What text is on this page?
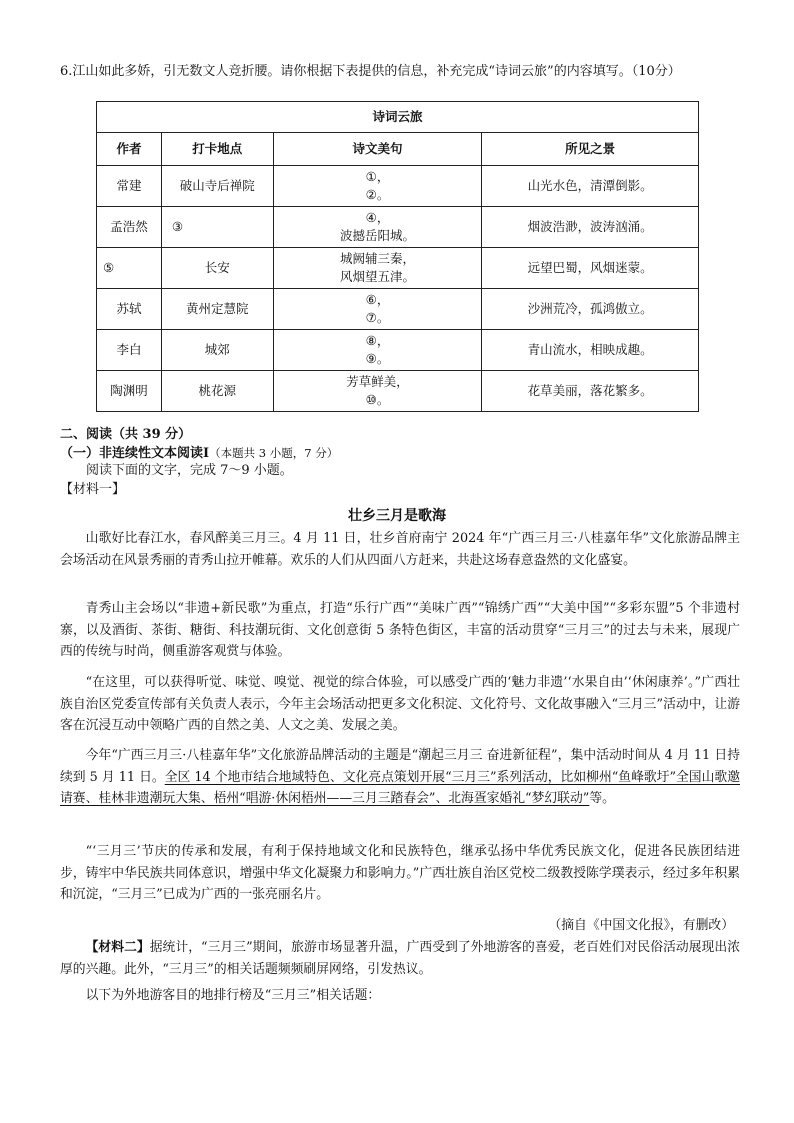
6.江山如此多娇，引无数文人竞折腰。请你根据下表提供的信息，补充完成“诗词云旅”的内容填写。（10分）
诗词云旅			
作者	打卡地点	诗文美句	所见之景
常建	破山寺后禅院	①，
②。	山光水色，清潭倒影。
孟浩然	③	④，
波撼岳阳城。	烟波浩渺，波涛汹涌。
⑤	长安	城阙辅三秦，
风烟望五津。	远望巴蜀，风烟迷蒙。
苏轼	黄州定慧院	⑥，
⑦。	沙洲荒冷，孤鸿傲立。
李白	城郊	⑧，
⑨。	青山流水，相映成趣。
陶渊明	桃花源	芳草鲜美，
⑩。	花草美丽，落花繁多。
二、阅读（共 39 分）
（一）非连续性文本阅读Ⅰ（本题共 3 小题，7 分）
阅读下面的文字，完成 7～9 小题。
【材料一】
壮乡三月是歌海
山歌好比春江水，春风醉美三月三。4 月 11 日，壮乡首府南宁 2024 年“广西三月三·八桂嘉年华”文化旅游品牌主会场活动在风景秀丽的青秀山拉开帷幕。欢乐的人们从四面八方赶来，共赴这场春意盎然的文化盛宴。
青秀山主会场以“非遗+新民歌”为重点，打造“乐行广西”“美味广西”“锦绣广西”“大美中国”“多彩东盟”5 个非遗村寨，以及酒街、茶街、糖街、科技潮玩街、文化创意街 5 条特色街区，丰富的活动贯穿“三月三”的过去与未来，展现广西的传统与时尚，侧重游客观赏与体验。
“在这里，可以获得听觉、味觉、嗅觉、视觉的综合体验，可以感受广西的‘魅力非遗’‘水果自由’‘休闲康养’。”广西壮族自治区党委宣传部有关负责人表示，今年主会场活动把更多文化积淀、文化符号、文化故事融入“三月三”活动中，让游客在沉浸互动中领略广西的自然之美、人文之美、发展之美。
今年“广西三月三·八桂嘉年华”文化旅游品牌活动的主题是“潮起三月三 奋进新征程”，集中活动时间从 4 月 11 日持续到 5 月 11 日。全区 14 个地市结合地域特色、文化亮点策划开展“三月三”系列活动，比如柳州“鱼峰歌圩”全国山歌邀请赛、桂林非遗潮玩大集、梧州“唱游·休闲梧州——三月三踏春会”、北海疍家婚礼“梦幻联动”等。
“‘三月三’节庆的传承和发展，有利于保持地域文化和民族特色，继承弘扬中华优秀民族文化，促进各民族团结进步，铸牢中华民族共同体意识，增强中华文化凝聚力和影响力。”广西壮族自治区党校二级教授陈学璞表示，经过多年积累和沉淀，“三月三”已成为广西的一张亮丽名片。
（摘自《中国文化报》，有删改）
【材料二】据统计，“三月三”期间，旅游市场显著升温，广西受到了外地游客的喜爱，老百姓们对民俗活动展现出浓厚的兴趣。此外，“三月三”的相关话题频频刷屏网络，引发热议。
以下为外地游客目的地排行榜及“三月三”相关话题：
